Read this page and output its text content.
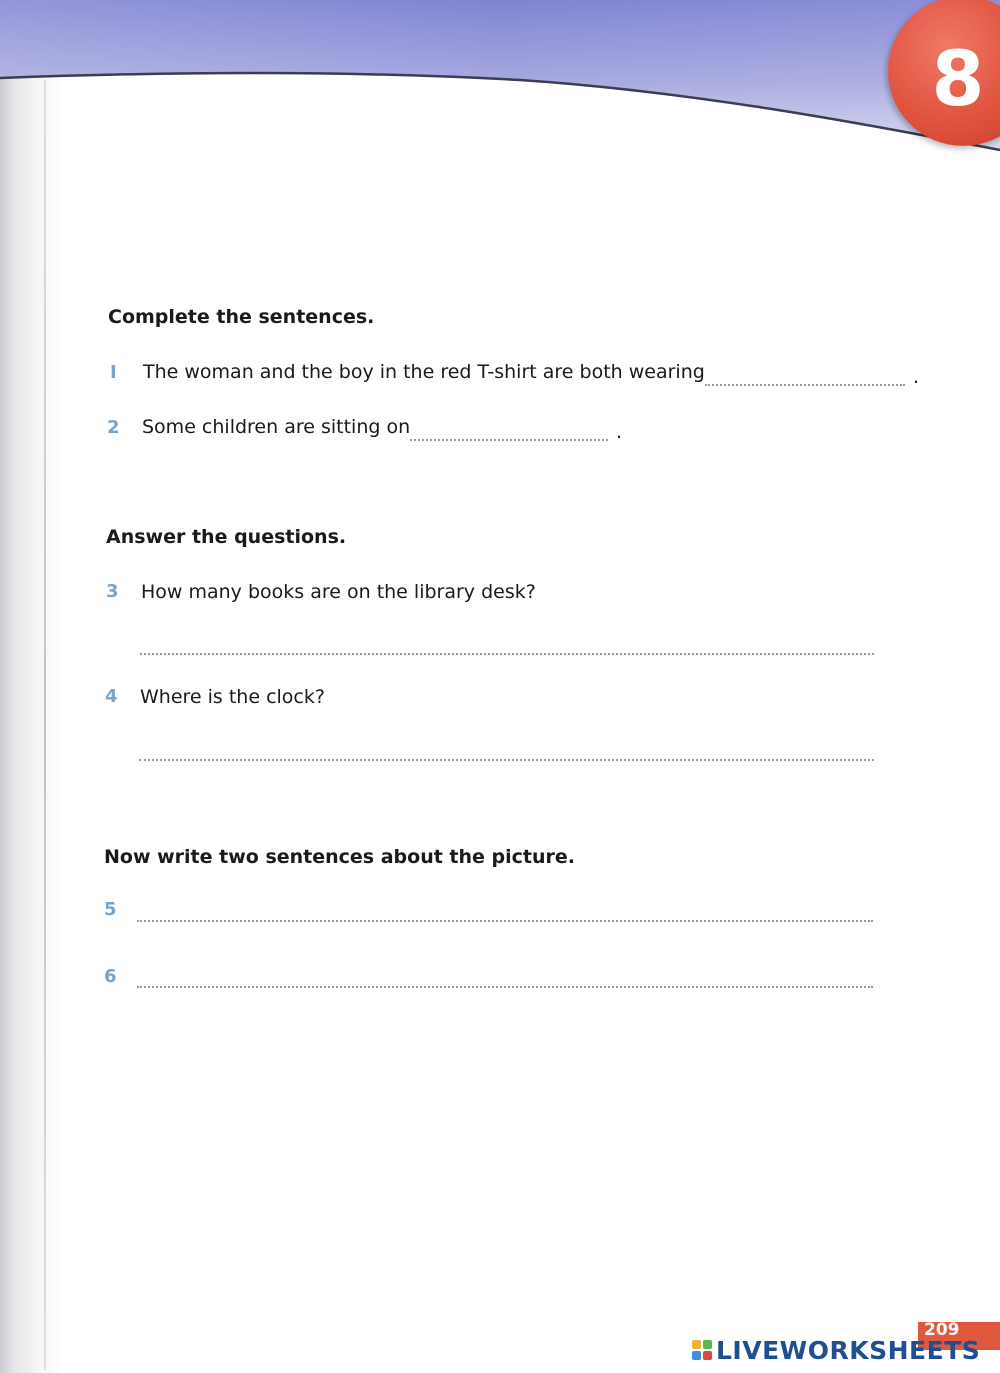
8
Complete the sentences.
I The woman and the boy in the red T-shirt are both wearing	.
2 Some children are sitting on	.
Answer the questions.
3 How many books are on the library desk?
4 Where is the clock?
Now write two sentences about the picture.
5
6
209
LIVEWORKSHEETS
